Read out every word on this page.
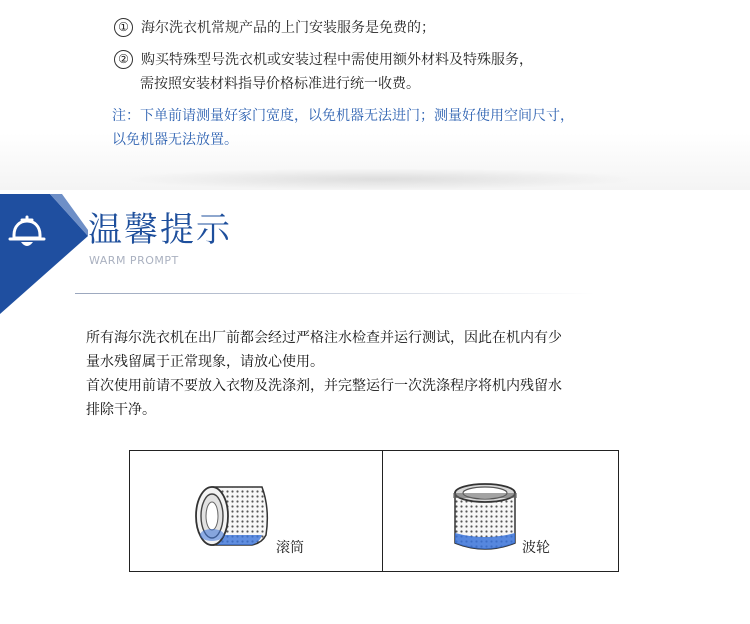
① 海尔洗衣机常规产品的上门安装服务是免费的；
② 购买特殊型号洗衣机或安装过程中需使用额外材料及特殊服务，
需按照安装材料指导价格标准进行统一收费。
注：下单前请测量好家门宽度，以免机器无法进门；测量好使用空间尺寸，
以免机器无法放置。
温馨提示
WARM PROMPT

所有海尔洗衣机在出厂前都会经过严格注水检查并运行测试，因此在机内有少

量水残留属于正常现象，请放心使用。

首次使用前请不要放入衣物及洗涤剂，并完整运行一次洗涤程序将机内残留水

排除干净。

滚筒	波轮
